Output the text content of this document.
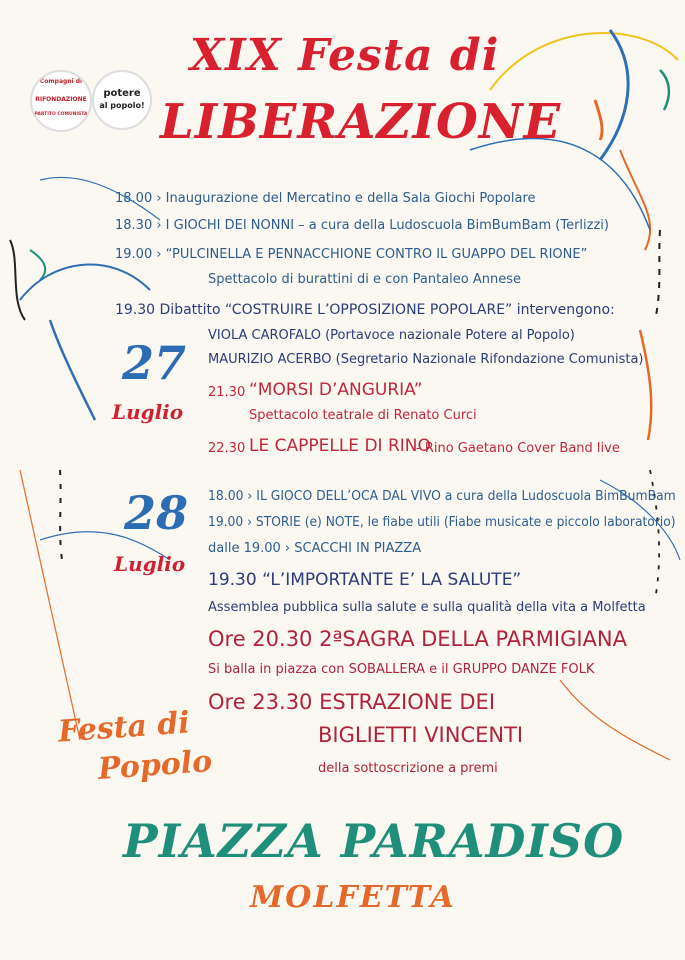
Compagni di
RIFONDAZIONE
PARTITO COMUNISTA
potere
al popolo!
XIX Festa di
LIBERAZIONE
18.00 › Inaugurazione del Mercatino e della Sala Giochi Popolare
18.30 › I GIOCHI DEI NONNI – a cura della Ludoscuola BimBumBam (Terlizzi)
19.00 › “PULCINELLA E PENNACCHIONE CONTRO IL GUAPPO DEL RIONE”
Spettacolo di burattini di e con Pantaleo Annese
19.30 Dibattito “COSTRUIRE L’OPPOSIZIONE POPOLARE” intervengono:
VIOLA CAROFALO (Portavoce nazionale Potere al Popolo)
MAURIZIO ACERBO (Segretario Nazionale Rifondazione Comunista)
27
Luglio
21.30 “MORSI D’ANGURIA”
Spettacolo teatrale di Renato Curci
22.30 LE CAPPELLE DI RINO
- Rino Gaetano Cover Band live
28
Luglio
18.00 › IL GIOCO DELL’OCA DAL VIVO a cura della Ludoscuola BimBumBam
19.00 › STORIE (e) NOTE, le fiabe utili (Fiabe musicate e piccolo laboratorio)
dalle 19.00 › SCACCHI IN PIAZZA
19.30 “L’IMPORTANTE E’ LA SALUTE”
Assemblea pubblica sulla salute e sulla qualità della vita a Molfetta
Ore 20.30 2ªSAGRA DELLA PARMIGIANA
Si balla in piazza con SOBALLERA e il GRUPPO DANZE FOLK
Ore 23.30 ESTRAZIONE DEI
BIGLIETTI VINCENTI
della sottoscrizione a premi
Festa di
Popolo
PIAZZA PARADISO
MOLFETTA
